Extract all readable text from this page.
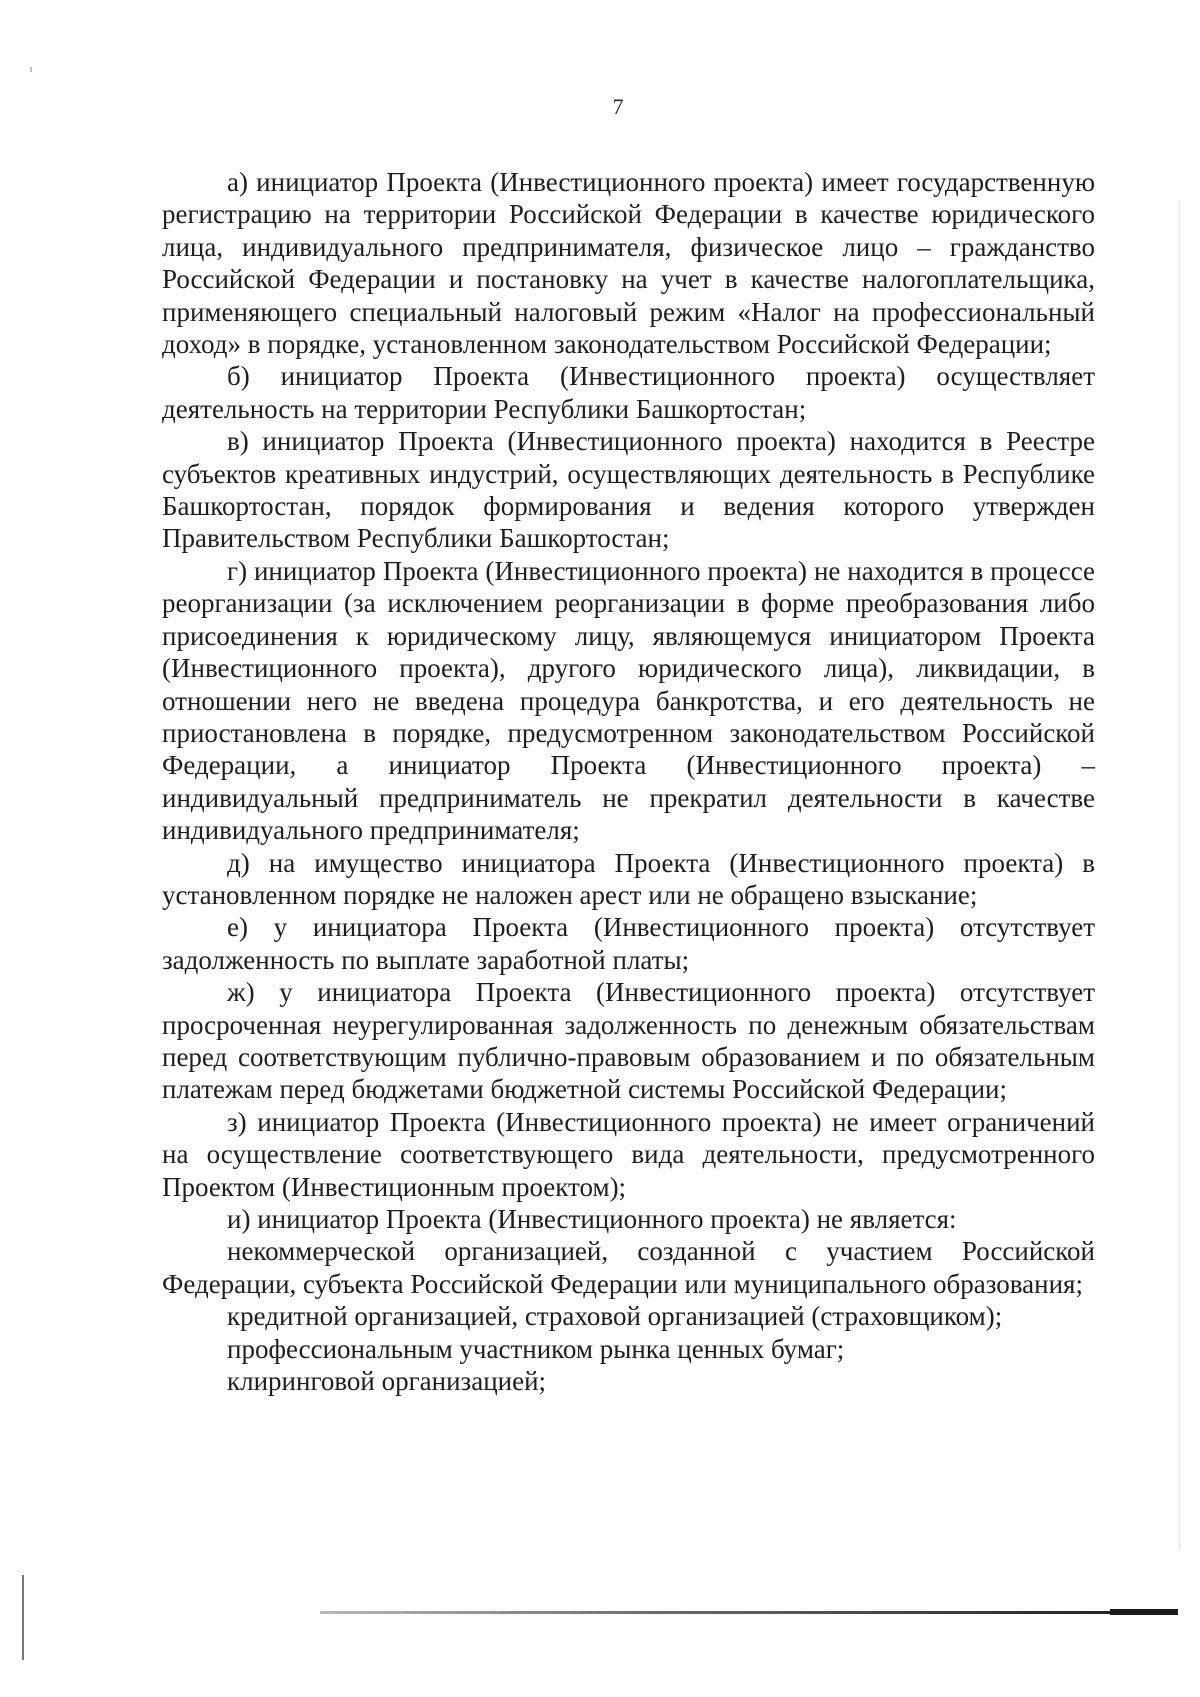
7

а) инициатор Проекта (Инвестиционного проекта) имеет государственную регистрацию на территории Российской Федерации в качестве юридического лица, индивидуального предпринимателя, физическое лицо – гражданство Российской Федерации и постановку на учет в качестве налогоплательщика, применяющего специальный налоговый режим «Налог на профессиональный доход» в порядке, установленном законодательством Российской Федерации;

б) инициатор Проекта (Инвестиционного проекта) осуществляет деятельность на территории Республики Башкортостан;

в) инициатор Проекта (Инвестиционного проекта) находится в Реестре субъектов креативных индустрий, осуществляющих деятельность в Республике Башкортостан, порядок формирования и ведения которого утвержден Правительством Республики Башкортостан;

г) инициатор Проекта (Инвестиционного проекта) не находится в процессе реорганизации (за исключением реорганизации в форме преобразования либо присоединения к юридическому лицу, являющемуся инициатором Проекта (Инвестиционного проекта), другого юридического лица), ликвидации, в отношении него не введена процедура банкротства, и его деятельность не приостановлена в порядке, предусмотренном законодательством Российской Федерации, а инициатор Проекта (Инвестиционного проекта) – индивидуальный предприниматель не прекратил деятельности в качестве индивидуального предпринимателя;

д) на имущество инициатора Проекта (Инвестиционного проекта) в установленном порядке не наложен арест или не обращено взыскание;

е) у инициатора Проекта (Инвестиционного проекта) отсутствует задолженность по выплате заработной платы;

ж) у инициатора Проекта (Инвестиционного проекта) отсутствует просроченная неурегулированная задолженность по денежным обязательствам перед соответствующим публично-правовым образованием и по обязательным платежам перед бюджетами бюджетной системы Российской Федерации;

з) инициатор Проекта (Инвестиционного проекта) не имеет ограничений на осуществление соответствующего вида деятельности, предусмотренного Проектом (Инвестиционным проектом);

и) инициатор Проекта (Инвестиционного проекта) не является:

некоммерческой организацией, созданной с участием Российской Федерации, субъекта Российской Федерации или муниципального образования;

кредитной организацией, страховой организацией (страховщиком);

профессиональным участником рынка ценных бумаг;

клиринговой организацией;
